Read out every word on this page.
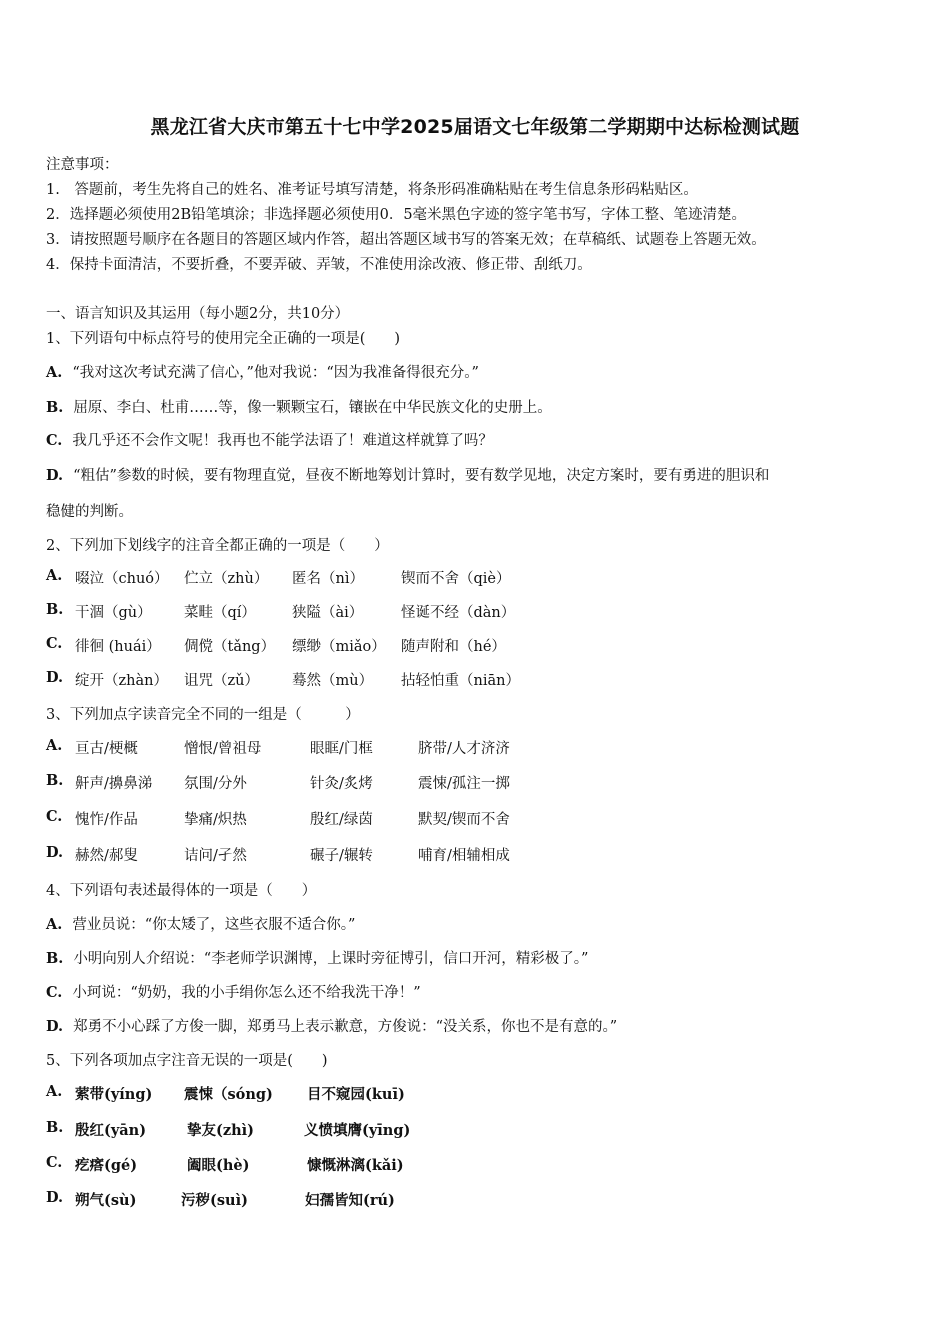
黑龙江省大庆市第五十七中学2025届语文七年级第二学期期中达标检测试题
注意事项：
1.　答题前，考生先将自己的姓名、准考证号填写清楚，将条形码准确粘贴在考生信息条形码粘贴区。
2．选择题必须使用2B铅笔填涂；非选择题必须使用0．5毫米黑色字迹的签字笔书写，字体工整、笔迹清楚。
3．请按照题号顺序在各题目的答题区域内作答，超出答题区域书写的答案无效；在草稿纸、试题卷上答题无效。
4．保持卡面清洁，不要折叠，不要弄破、弄皱，不准使用涂改液、修正带、刮纸刀。
一、语言知识及其运用（每小题2分，共10分）
1、下列语句中标点符号的使用完全正确的一项是(　　)
A. “我对这次考试充满了信心，”他对我说：“因为我准备得很充分。”
B. 屈原、李白、杜甫……等，像一颗颗宝石，镶嵌在中华民族文化的史册上。
C. 我几乎还不会作文呢！我再也不能学法语了！难道这样就算了吗？
D. “粗估”参数的时候，要有物理直觉，昼夜不断地筹划计算时，要有数学见地，决定方案时，要有勇进的胆识和
稳健的判断。
2、下列加下划线字的注音全都正确的一项是（　　）
A. 啜泣（chuó） 伫立（zhù） 匿名（nì）	锲而不舍（qiè）
B. 干涸（gù） 菜畦（qí） 狭隘（ài）	怪诞不经（dàn）
C. 徘徊 (huái） 倜傥（tǎng） 缥缈（miǎo） 随声附和（hé）
D. 绽开（zhàn） 诅咒（zǔ） 蓦然（mù） 拈轻怕重（niān）
3、下列加点字读音完全不同的一组是（　　　）
A. 亘古/梗概	憎恨/曾祖母	眼眶/门框	脐带/人才济济
B. 鼾声/擤鼻涕 氛围/分外	针灸/炙烤	震悚/孤注一掷
C. 愧怍/作品	挚痛/炽热	殷红/绿茵	默契/锲而不舍
D. 赫然/郝叟	诘问/孑然	碾子/辗转	哺育/相辅相成
4、下列语句表述最得体的一项是（　　）
A. 营业员说：“你太矮了，这些衣服不适合你。”
B. 小明向别人介绍说：“李老师学识渊博，上课时旁征博引，信口开河，精彩极了。”
C. 小珂说：“奶奶，我的小手绢你怎么还不给我洗干净！”
D. 郑勇不小心踩了方俊一脚，郑勇马上表示歉意，方俊说：“没关系，你也不是有意的。”
5、下列各项加点字注音无误的一项是(　　)
A. 萦带(yíng) 震悚（sóng) 目不窥园(kuī)
B. 殷红(yān)	挚友(zhì)	义愤填膺(yīng)
C. 疙瘩(gé)	阖眼(hè)	慷慨淋漓(kǎi)
D. 朔气(sù)	污秽(suì)	妇孺皆知(rú)
